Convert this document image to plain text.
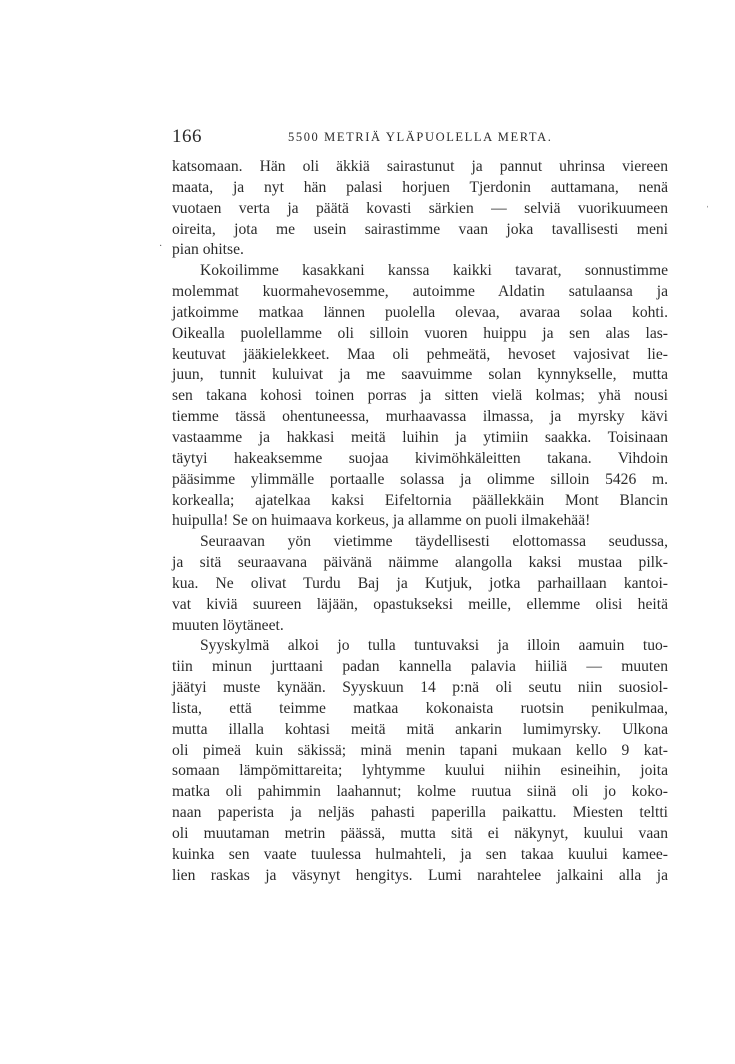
166	5500 METRIÄ YLÄPUOLELLA MERTA.
katsomaan. Hän oli äkkiä sairastunut ja pannut uhrinsa viereen
maata, ja nyt hän palasi horjuen Tjerdonin auttamana, nenä
vuotaen verta ja päätä kovasti särkien — selviä vuorikuumeen
oireita, jota me usein sairastimme vaan joka tavallisesti meni
pian ohitse.
Kokoilimme kasakkani kanssa kaikki tavarat, sonnustimme
molemmat kuormahevosemme, autoimme Aldatin satulaansa ja
jatkoimme matkaa lännen puolella olevaa, avaraa solaa kohti.
Oikealla puolellamme oli silloin vuoren huippu ja sen alas las-
keutuvat jääkielekkeet. Maa oli pehmeätä, hevoset vajosivat lie-
juun, tunnit kuluivat ja me saavuimme solan kynnykselle, mutta
sen takana kohosi toinen porras ja sitten vielä kolmas; yhä nousi
tiemme tässä ohentuneessa, murhaavassa ilmassa, ja myrsky kävi
vastaamme ja hakkasi meitä luihin ja ytimiin saakka. Toisinaan
täytyi hakeaksemme suojaa kivimöhkäleitten takana. Vihdoin
pääsimme ylimmälle portaalle solassa ja olimme silloin 5426 m.
korkealla; ajatelkaa kaksi Eifeltornia päällekkäin Mont Blancin
huipulla! Se on huimaava korkeus, ja allamme on puoli ilmakehää!
Seuraavan yön vietimme täydellisesti elottomassa seudussa,
ja sitä seuraavana päivänä näimme alangolla kaksi mustaa pilk-
kua. Ne olivat Turdu Baj ja Kutjuk, jotka parhaillaan kantoi-
vat kiviä suureen läjään, opastukseksi meille, ellemme olisi heitä
muuten löytäneet.
Syyskylmä alkoi jo tulla tuntuvaksi ja illoin aamuin tuo-
tiin minun jurttaani padan kannella palavia hiiliä — muuten
jäätyi muste kynään. Syyskuun 14 p:nä oli seutu niin suosiol-
lista, että teimme matkaa kokonaista ruotsin penikulmaa,
mutta illalla kohtasi meitä mitä ankarin lumimyrsky. Ulkona
oli pimeä kuin säkissä; minä menin tapani mukaan kello 9 kat-
somaan lämpömittareita; lyhtymme kuului niihin esineihin, joita
matka oli pahimmin laahannut; kolme ruutua siinä oli jo koko-
naan paperista ja neljäs pahasti paperilla paikattu. Miesten teltti
oli muutaman metrin päässä, mutta sitä ei näkynyt, kuului vaan
kuinka sen vaate tuulessa hulmahteli, ja sen takaa kuului kamee-
lien raskas ja väsynyt hengitys. Lumi narahtelee jalkaini alla ja
·
ˌ
